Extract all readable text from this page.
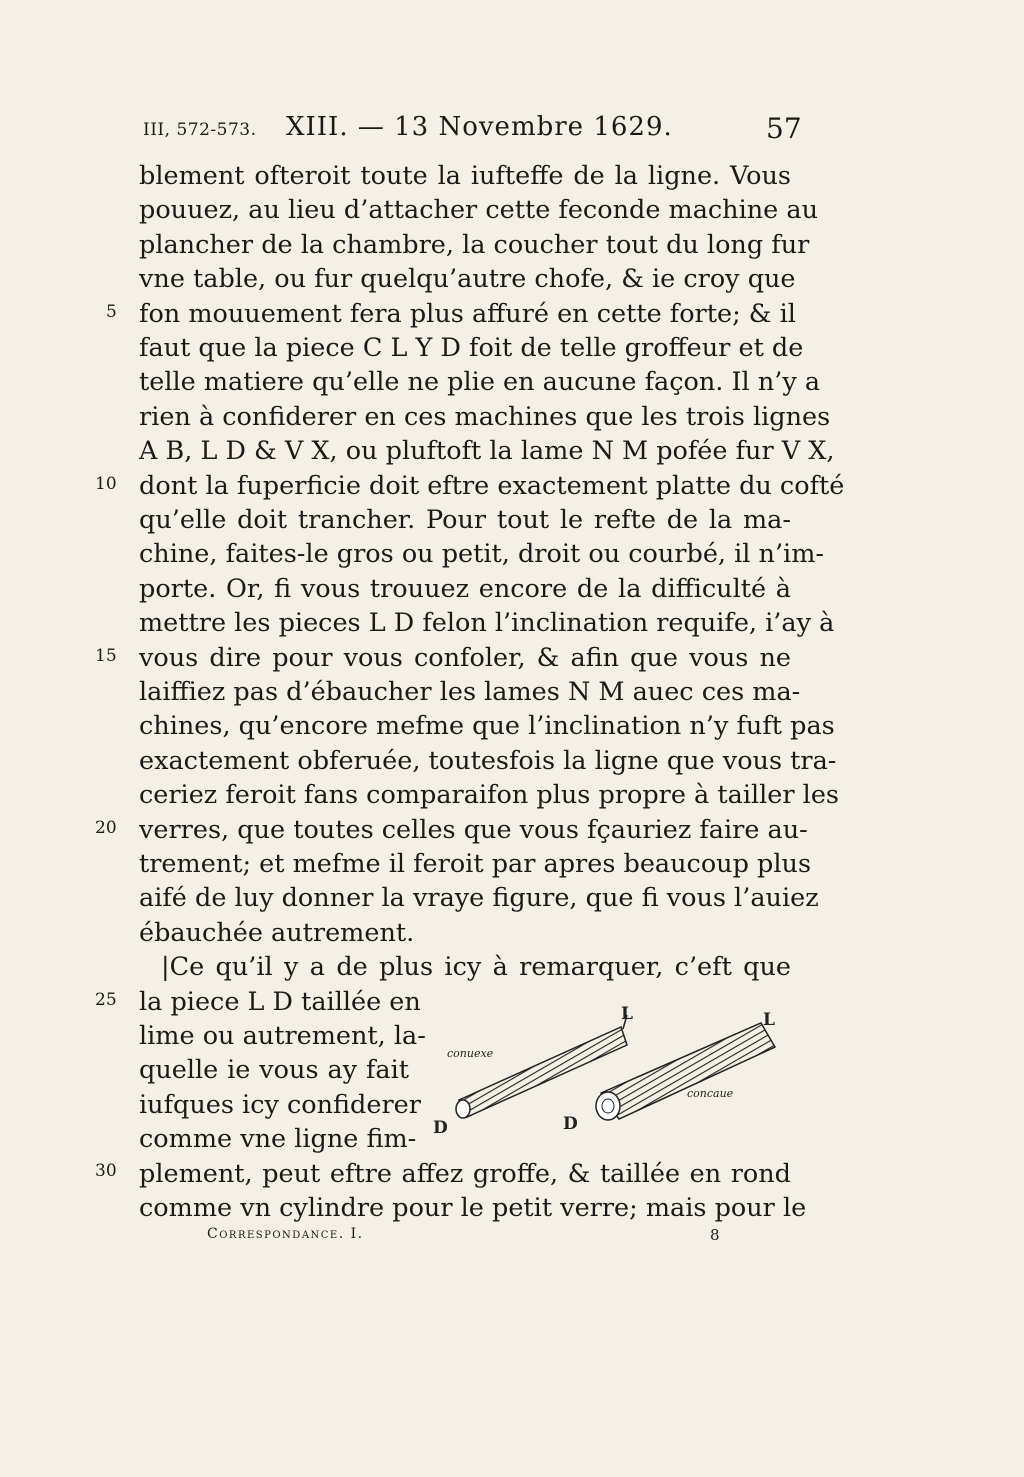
III, 572-573. XIII. — 13 Novembre 1629.	57
5
10
15
20
25
30
blement ofteroit toute la iufteffe de la ligne. Vous
pouuez, au lieu d’attacher cette feconde machine au
plancher de la chambre, la coucher tout du long fur
vne table, ou fur quelqu’autre chofe, & ie croy que
fon mouuement fera plus affuré en cette forte; & il
faut que la piece C L Y D foit de telle groffeur et de
telle matiere qu’elle ne plie en aucune façon. Il n’y a
rien à confiderer en ces machines que les trois lignes
A B, L D & V X, ou pluftoft la lame N M pofée fur V X,
dont la fuperficie doit eftre exactement platte du cofté
qu’elle doit trancher. Pour tout le refte de la ma-
chine, faites-le gros ou petit, droit ou courbé, il n’im-
porte. Or, fi vous trouuez encore de la difficulté à
mettre les pieces L D felon l’inclination requife, i’ay à
vous dire pour vous confoler, & afin que vous ne
laiffiez pas d’ébaucher les lames N M auec ces ma-
chines, qu’encore mefme que l’inclination n’y fuft pas
exactement obferuée, toutesfois la ligne que vous tra-
ceriez feroit fans comparaifon plus propre à tailler les
verres, que toutes celles que vous fçauriez faire au-
trement; et mefme il feroit par apres beaucoup plus
aifé de luy donner la vraye figure, que fi vous l’auiez
ébauchée autrement.
|Ce qu’il y a de plus icy à remarquer, c’eft que
la piece L D taillée en
lime ou autrement, la-
quelle ie vous ay fait
iufques icy confiderer
comme vne ligne fim-
plement, peut eftre affez groffe, & taillée en rond
comme vn cylindre pour le petit verre; mais pour le
L
D
conuexe
L
D
concaue
Correspondance. I.	8
